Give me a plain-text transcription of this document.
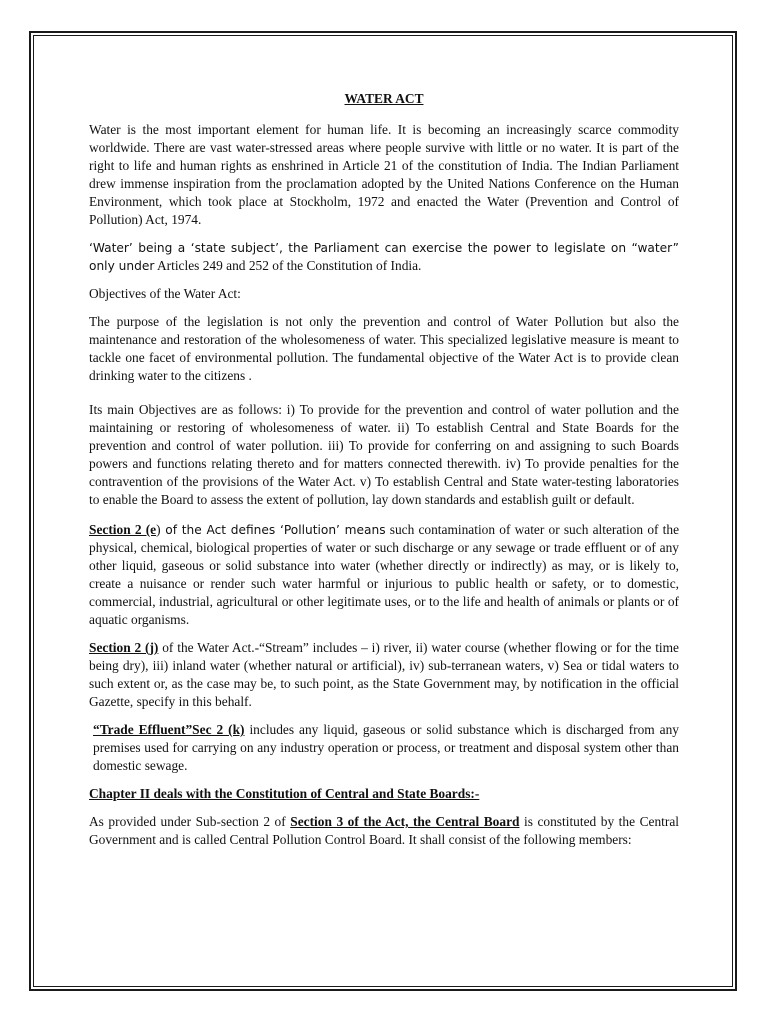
WATER ACT

Water is the most important element for human life. It is becoming an increasingly scarce commodity worldwide. There are vast water-stressed areas where people survive with little or no water. It is part of the right to life and human rights as enshrined in Article 21 of the constitution of India. The Indian Parliament drew immense inspiration from the proclamation adopted by the United Nations Conference on the Human Environment, which took place at Stockholm, 1972 and enacted the Water (Prevention and Control of Pollution) Act, 1974.

‘Water’ being a ‘state subject’, the Parliament can exercise the power to legislate on “water” only under Articles 249 and 252 of the Constitution of India.

Objectives of the Water Act:

The purpose of the legislation is not only the prevention and control of Water Pollution but also the maintenance and restoration of the wholesomeness of water. This specialized legislative measure is meant to tackle one facet of environmental pollution. The fundamental objective of the Water Act is to provide clean drinking water to the citizens .

Its main Objectives are as follows: i) To provide for the prevention and control of water pollution and the maintaining or restoring of wholesomeness of water. ii) To establish Central and State Boards for the prevention and control of water pollution. iii) To provide for conferring on and assigning to such Boards powers and functions relating thereto and for matters connected therewith. iv) To provide penalties for the contravention of the provisions of the Water Act. v) To establish Central and State water-testing laboratories to enable the Board to assess the extent of pollution, lay down standards and establish guilt or default.

Section 2 (e) of the Act defines ‘Pollution’ means such contamination of water or such alteration of the physical, chemical, biological properties of water or such discharge or any sewage or trade effluent or of any other liquid, gaseous or solid substance into water (whether directly or indirectly) as may, or is likely to, create a nuisance or render such water harmful or injurious to public health or safety, or to domestic, commercial, industrial, agricultural or other legitimate uses, or to the life and health of animals or plants or of aquatic organisms.

Section 2 (j) of the Water Act.-“Stream” includes – i) river, ii) water course (whether flowing or for the time being dry), iii) inland water (whether natural or artificial), iv) sub-terranean waters, v) Sea or tidal waters to such extent or, as the case may be, to such point, as the State Government may, by notification in the official Gazette, specify in this behalf.

“Trade Effluent”Sec 2 (k) includes any liquid, gaseous or solid substance which is discharged from any premises used for carrying on any industry operation or process, or treatment and disposal system other than domestic sewage.

Chapter II deals with the Constitution of Central and State Boards:-

As provided under Sub-section 2 of Section 3 of the Act, the Central Board is constituted by the Central Government and is called Central Pollution Control Board. It shall consist of the following members:
